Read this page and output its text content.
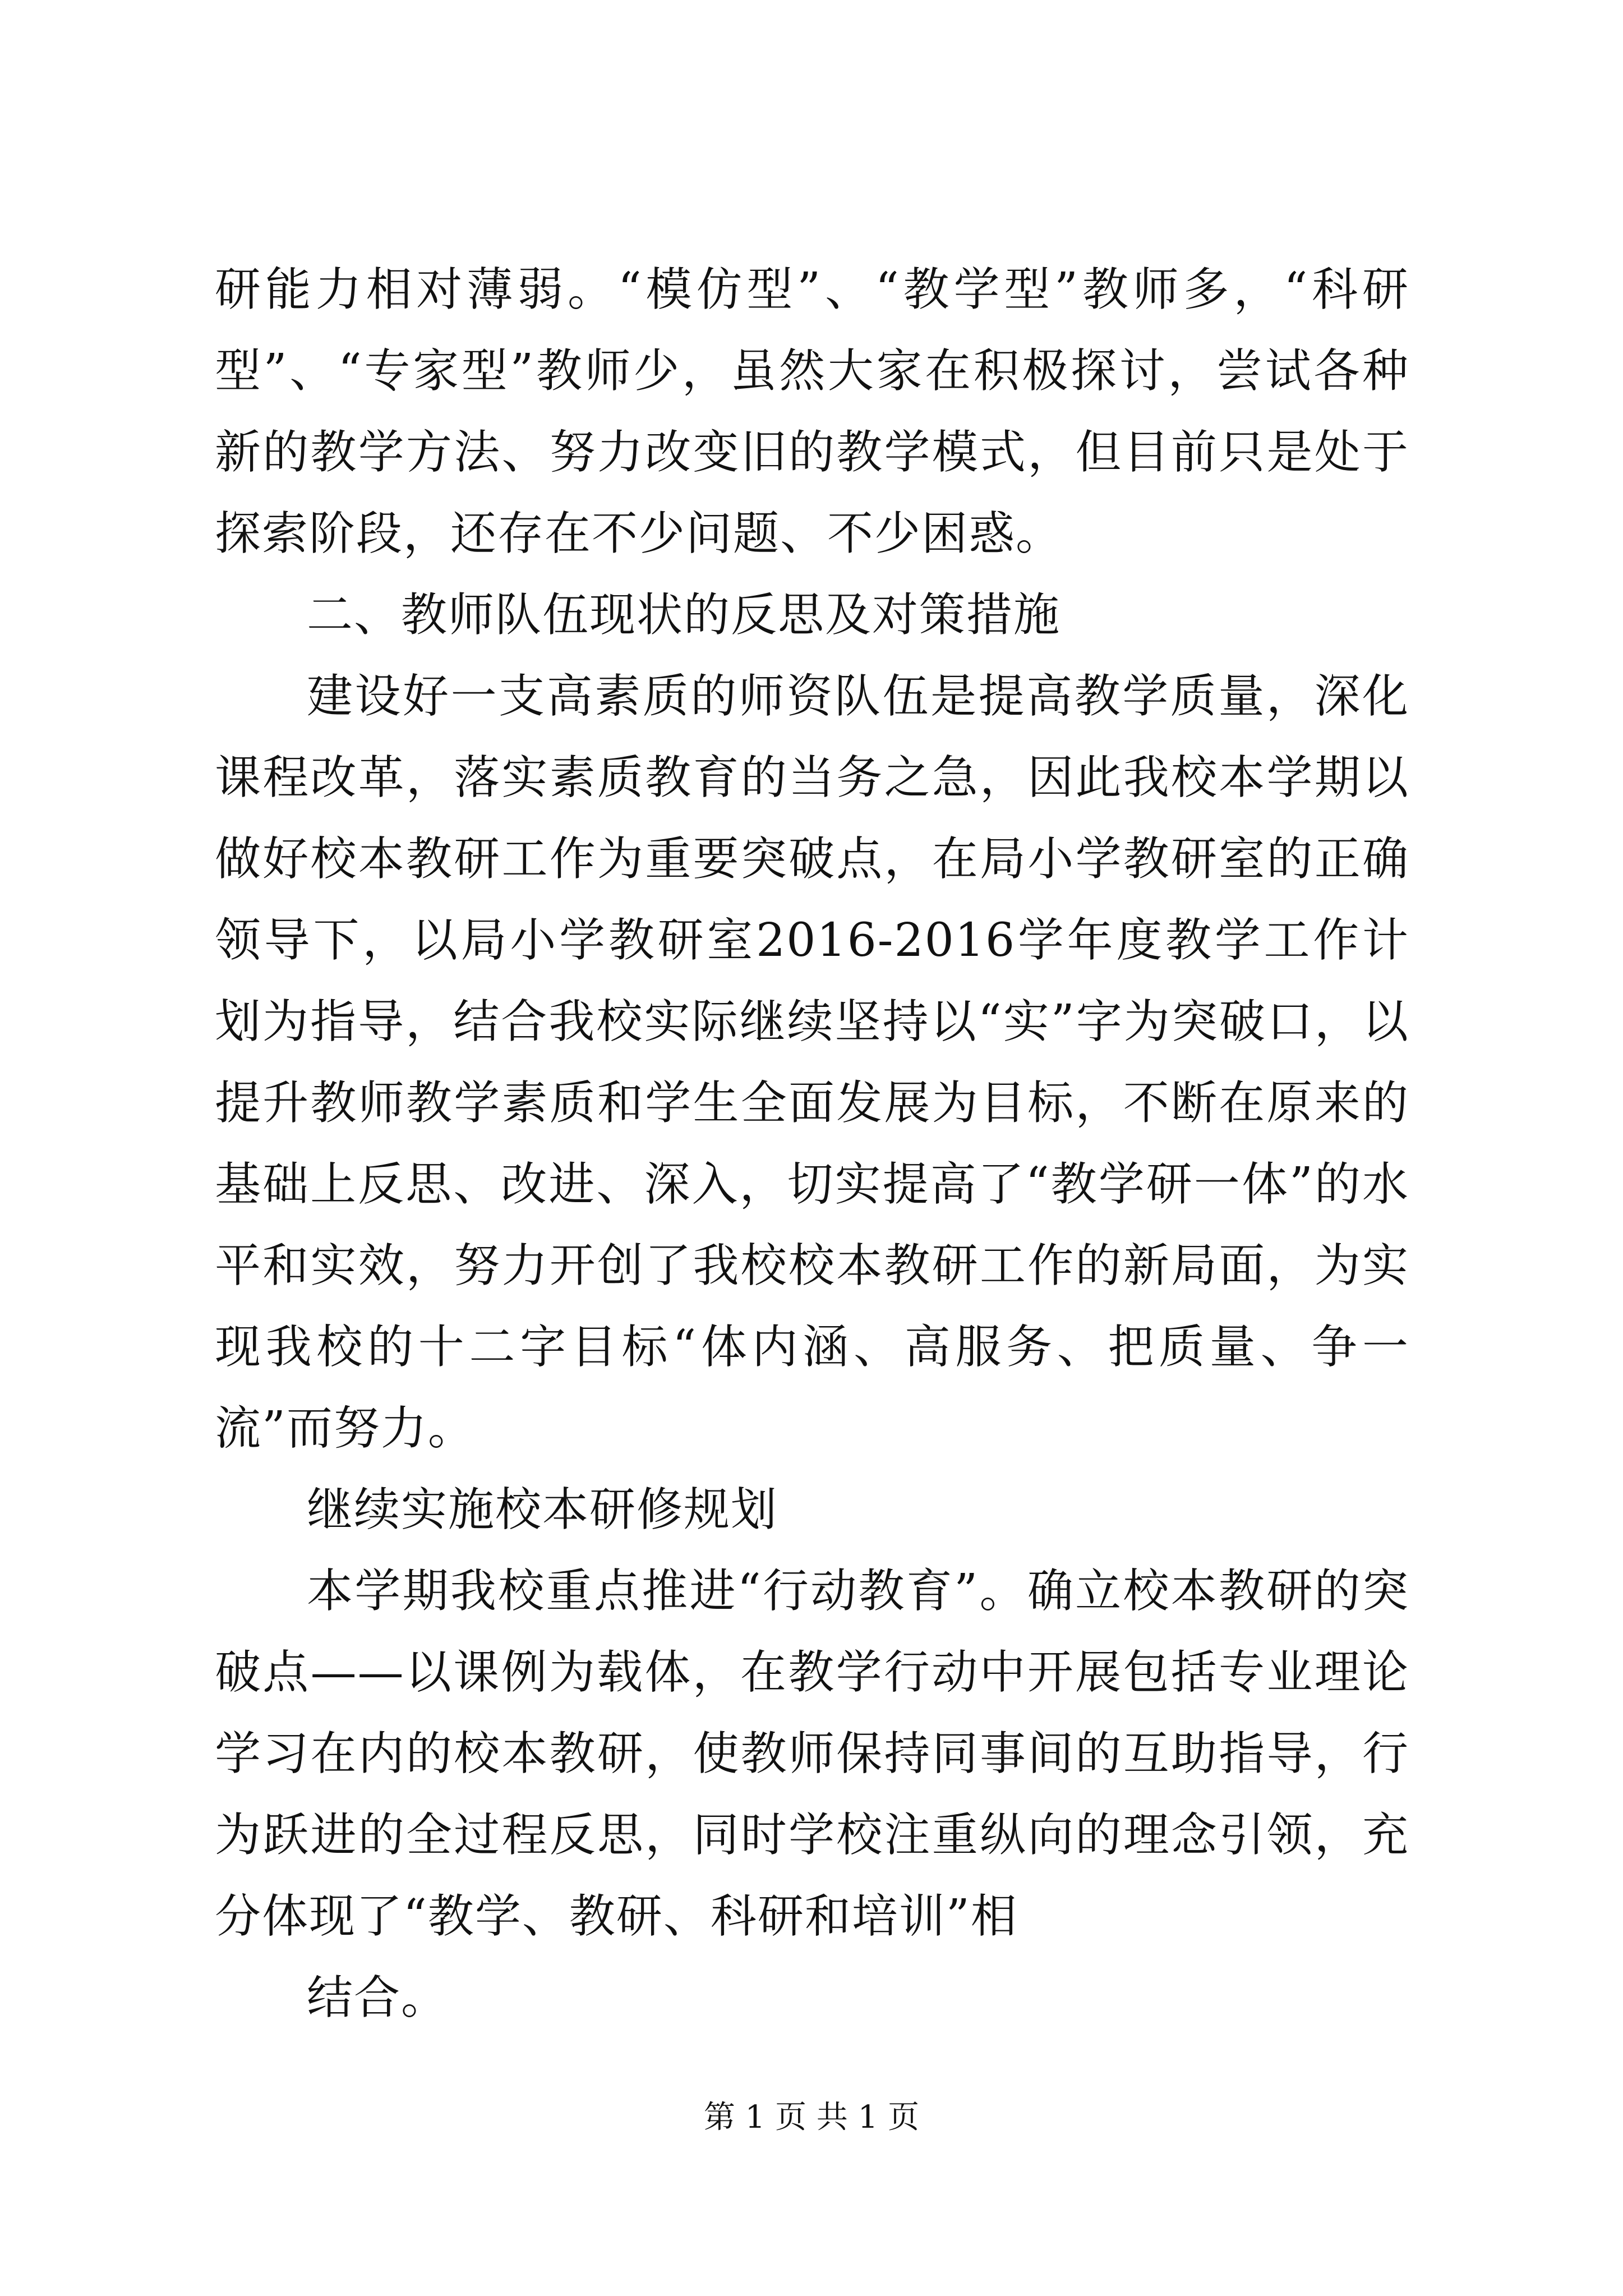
研能力相对薄弱。“模仿型”、“教学型”教师多，“科研型”、“专家型”教师少，虽然大家在积极探讨，尝试各种新的教学方法、努力改变旧的教学模式，但目前只是处于探索阶段，还存在不少问题、不少困惑。

二、教师队伍现状的反思及对策措施

建设好一支高素质的师资队伍是提高教学质量，深化课程改革，落实素质教育的当务之急，因此我校本学期以做好校本教研工作为重要突破点，在局小学教研室的正确领导下，以局小学教研室2016-2016学年度教学工作计划为指导，结合我校实际继续坚持以“实”字为突破口，以提升教师教学素质和学生全面发展为目标，不断在原来的基础上反思、改进、深入，切实提高了“教学研一体”的水平和实效，努力开创了我校校本教研工作的新局面，为实现我校的十二字目标“体内涵、高服务、把质量、争一流”而努力。

继续实施校本研修规划

本学期我校重点推进“行动教育”。确立校本教研的突破点——以课例为载体，在教学行动中开展包括专业理论学习在内的校本教研，使教师保持同事间的互助指导，行为跃进的全过程反思，同时学校注重纵向的理念引领，充分体现了“教学、教研、科研和培训”相

结合。

第 1 页 共 1 页
